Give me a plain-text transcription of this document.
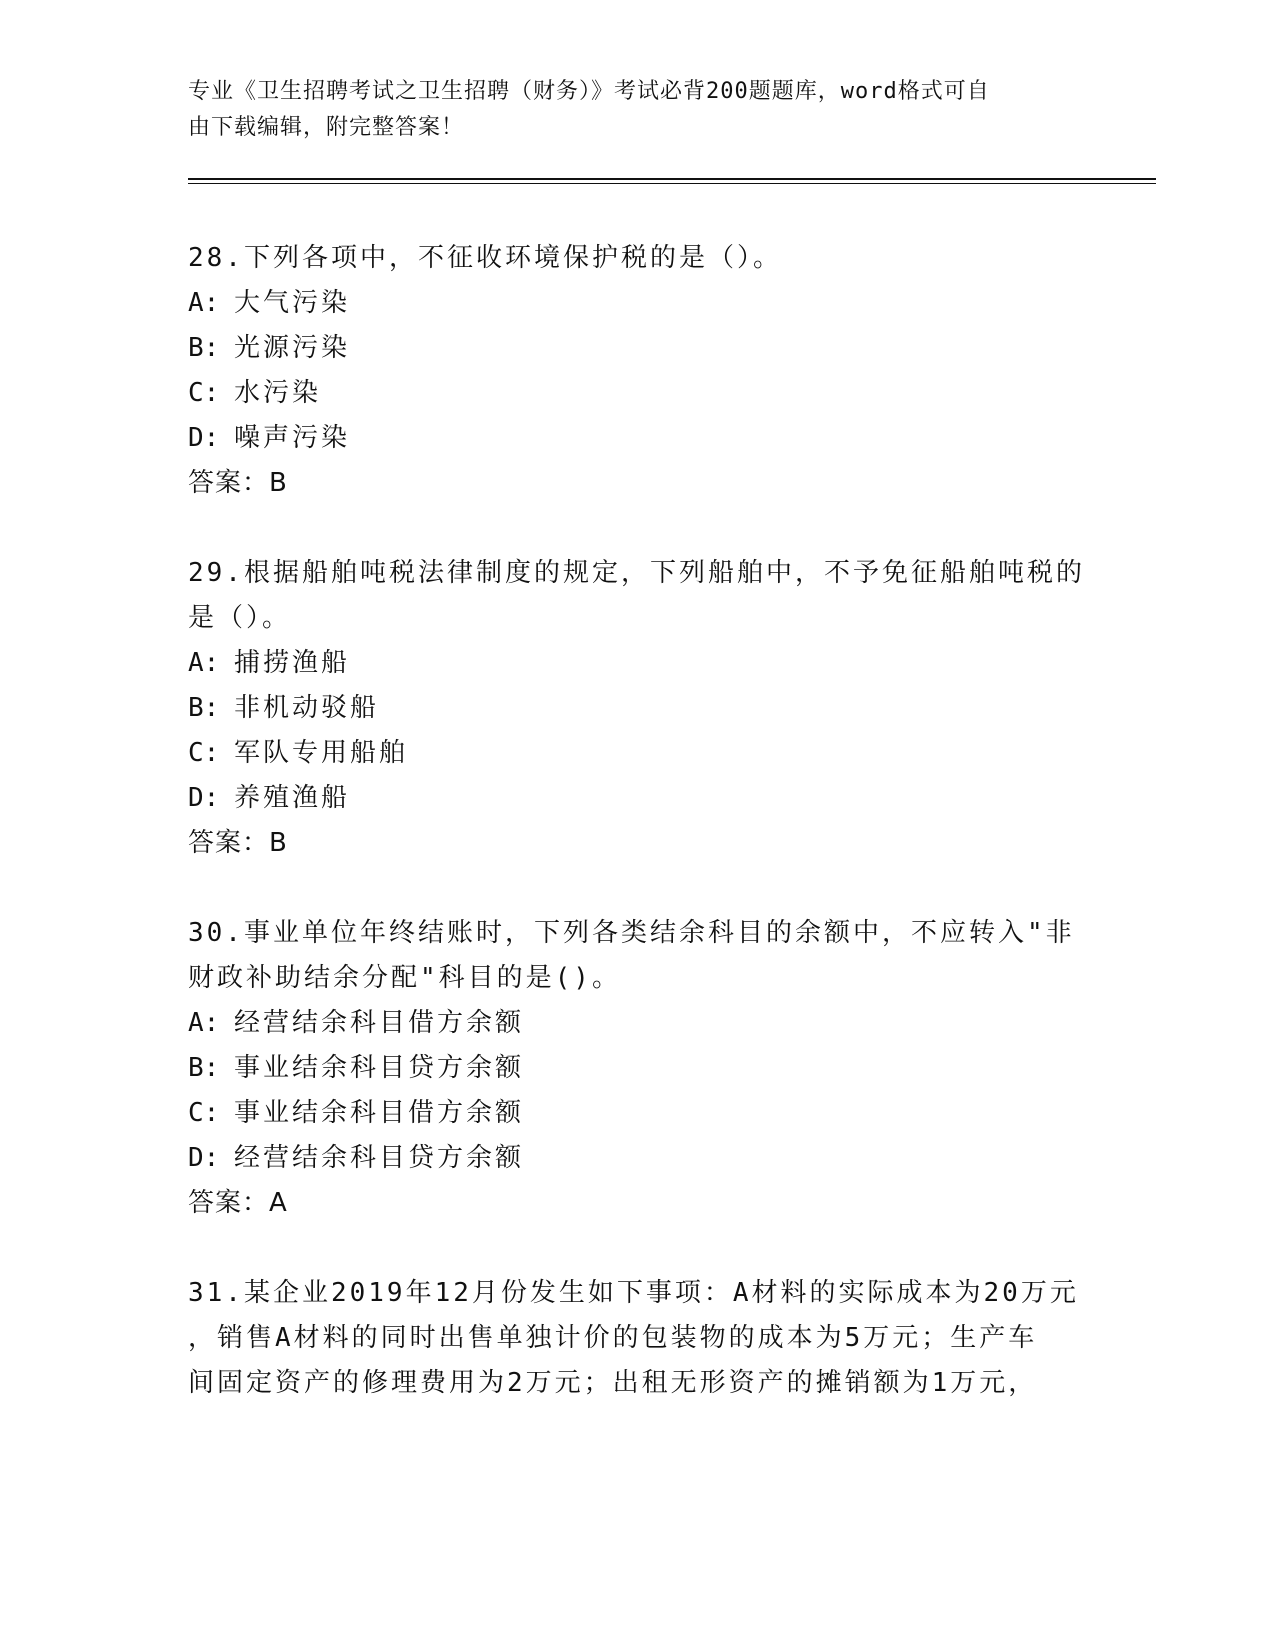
专业《卫生招聘考试之卫生招聘（财务）》考试必背200题题库，word格式可自
由下载编辑，附完整答案！
28.下列各项中，不征收环境保护税的是（）。
A: 大气污染
B: 光源污染
C: 水污染
D: 噪声污染
答案：B
29.根据船舶吨税法律制度的规定，下列船舶中，不予免征船舶吨税的
是（）。
A: 捕捞渔船
B: 非机动驳船
C: 军队专用船舶
D: 养殖渔船
答案：B
30.事业单位年终结账时，下列各类结余科目的余额中，不应转入"非
财政补助结余分配"科目的是()。
A: 经营结余科目借方余额
B: 事业结余科目贷方余额
C: 事业结余科目借方余额
D: 经营结余科目贷方余额
答案：A
31.某企业2019年12月份发生如下事项：A材料的实际成本为20万元
，销售A材料的同时出售单独计价的包装物的成本为5万元；生产车
间固定资产的修理费用为2万元；出租无形资产的摊销额为1万元，
